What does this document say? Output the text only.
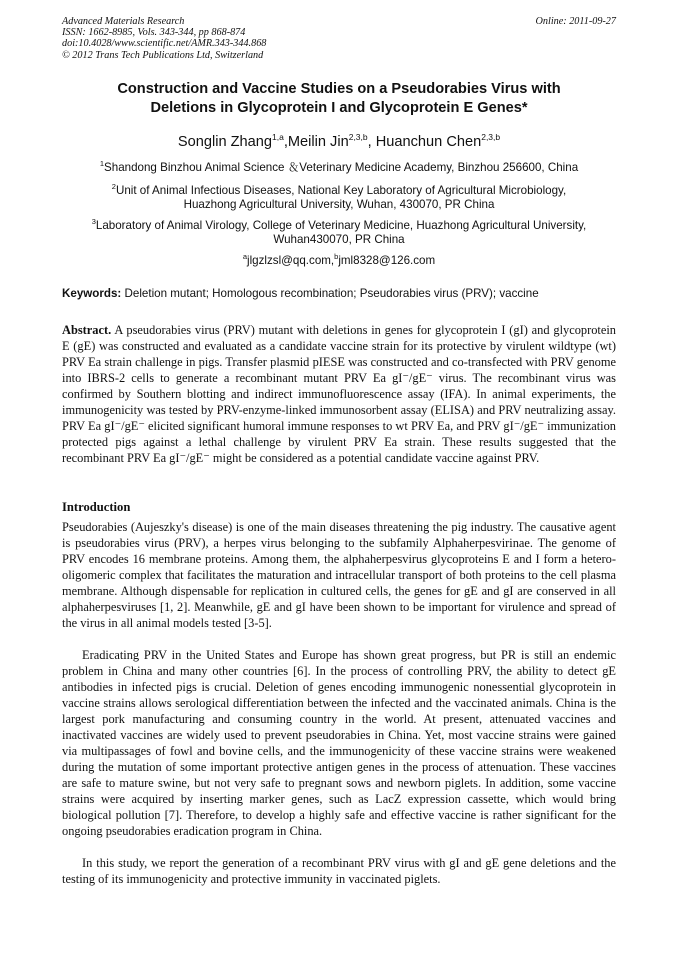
Advanced Materials Research
ISSN: 1662-8985, Vols. 343-344, pp 868-874
doi:10.4028/www.scientific.net/AMR.343-344.868
© 2012 Trans Tech Publications Ltd, Switzerland
Online: 2011-09-27
Construction and Vaccine Studies on a Pseudorabies Virus with
Deletions in Glycoprotein I and Glycoprotein E Genes*
Songlin Zhang$^{1,a}$,Meilin Jin$^{2,3,b}$, Huanchun Chen$^{2,3,b}$
$^1$Shandong Binzhou Animal Science ＆Veterinary Medicine Academy, Binzhou 256600, China
$^2$Unit of Animal Infectious Diseases, National Key Laboratory of Agricultural Microbiology,
Huazhong Agricultural University, Wuhan, 430070, PR China
$^3$Laboratory of Animal Virology, College of Veterinary Medicine, Huazhong Agricultural University,
Wuhan430070, PR China
$^a$jlgzlzsl@qq.com,$^b$jml8328@126.com
Keywords: Deletion mutant; Homologous recombination; Pseudorabies virus (PRV); vaccine
Abstract. A pseudorabies virus (PRV) mutant with deletions in genes for glycoprotein I (gI) and glycoprotein E (gE) was constructed and evaluated as a candidate vaccine strain for its protective by virulent wildtype (wt) PRV Ea strain challenge in pigs. Transfer plasmid pIESE was constructed and co-transfected with PRV genome into IBRS-2 cells to generate a recombinant mutant PRV Ea gI⁻/gE⁻ virus. The recombinant virus was confirmed by Southern blotting and indirect immunofluorescence assay (IFA). In animal experiments, the immunogenicity was tested by PRV-enzyme-linked immunosorbent assay (ELISA) and PRV neutralizing assay. PRV Ea gI⁻/gE⁻ elicited significant humoral immune responses to wt PRV Ea, and PRV gI⁻/gE⁻ immunization protected pigs against a lethal challenge by virulent PRV Ea strain. These results suggested that the recombinant PRV Ea gI⁻/gE⁻ might be considered as a potential candidate vaccine against PRV.
Introduction
Pseudorabies (Aujeszky's disease) is one of the main diseases threatening the pig industry. The causative agent is pseudorabies virus (PRV), a herpes virus belonging to the subfamily Alphaherpesvirinae. The genome of PRV encodes 16 membrane proteins. Among them, the alphaherpesvirus glycoproteins E and I form a hetero-oligomeric complex that facilitates the maturation and intracellular transport of both proteins to the cell plasma membrane. Although dispensable for replication in cultured cells, the genes for gE and gI are conserved in all alphaherpesviruses [1, 2]. Meanwhile, gE and gI have been shown to be important for virulence and spread of the virus in all animal models tested [3-5].
Eradicating PRV in the United States and Europe has shown great progress, but PR is still an endemic problem in China and many other countries [6]. In the process of controlling PRV, the ability to detect gE antibodies in infected pigs is crucial. Deletion of genes encoding immunogenic nonessential glycoprotein in vaccine strains allows serological differentiation between the infected and the vaccinated animals. China is the largest pork manufacturing and consuming country in the world. At present, attenuated vaccines and inactivated vaccines are widely used to prevent pseudorabies in China. Yet, most vaccine strains were gained via multipassages of fowl and bovine cells, and the immunogenicity of these vaccine strains were weakened during the mutation of some important protective antigen genes in the process of attenuation. These vaccines are safe to mature swine, but not very safe to pregnant sows and newborn piglets. In addition, some vaccine strains were acquired by inserting marker genes, such as LacZ expression cassette, which would bring biological pollution [7]. Therefore, to develop a highly safe and effective vaccine is rather significant for the ongoing pseudorabies eradication program in China.
In this study, we report the generation of a recombinant PRV virus with gI and gE gene deletions and the testing of its immunogenicity and protective immunity in vaccinated piglets.
